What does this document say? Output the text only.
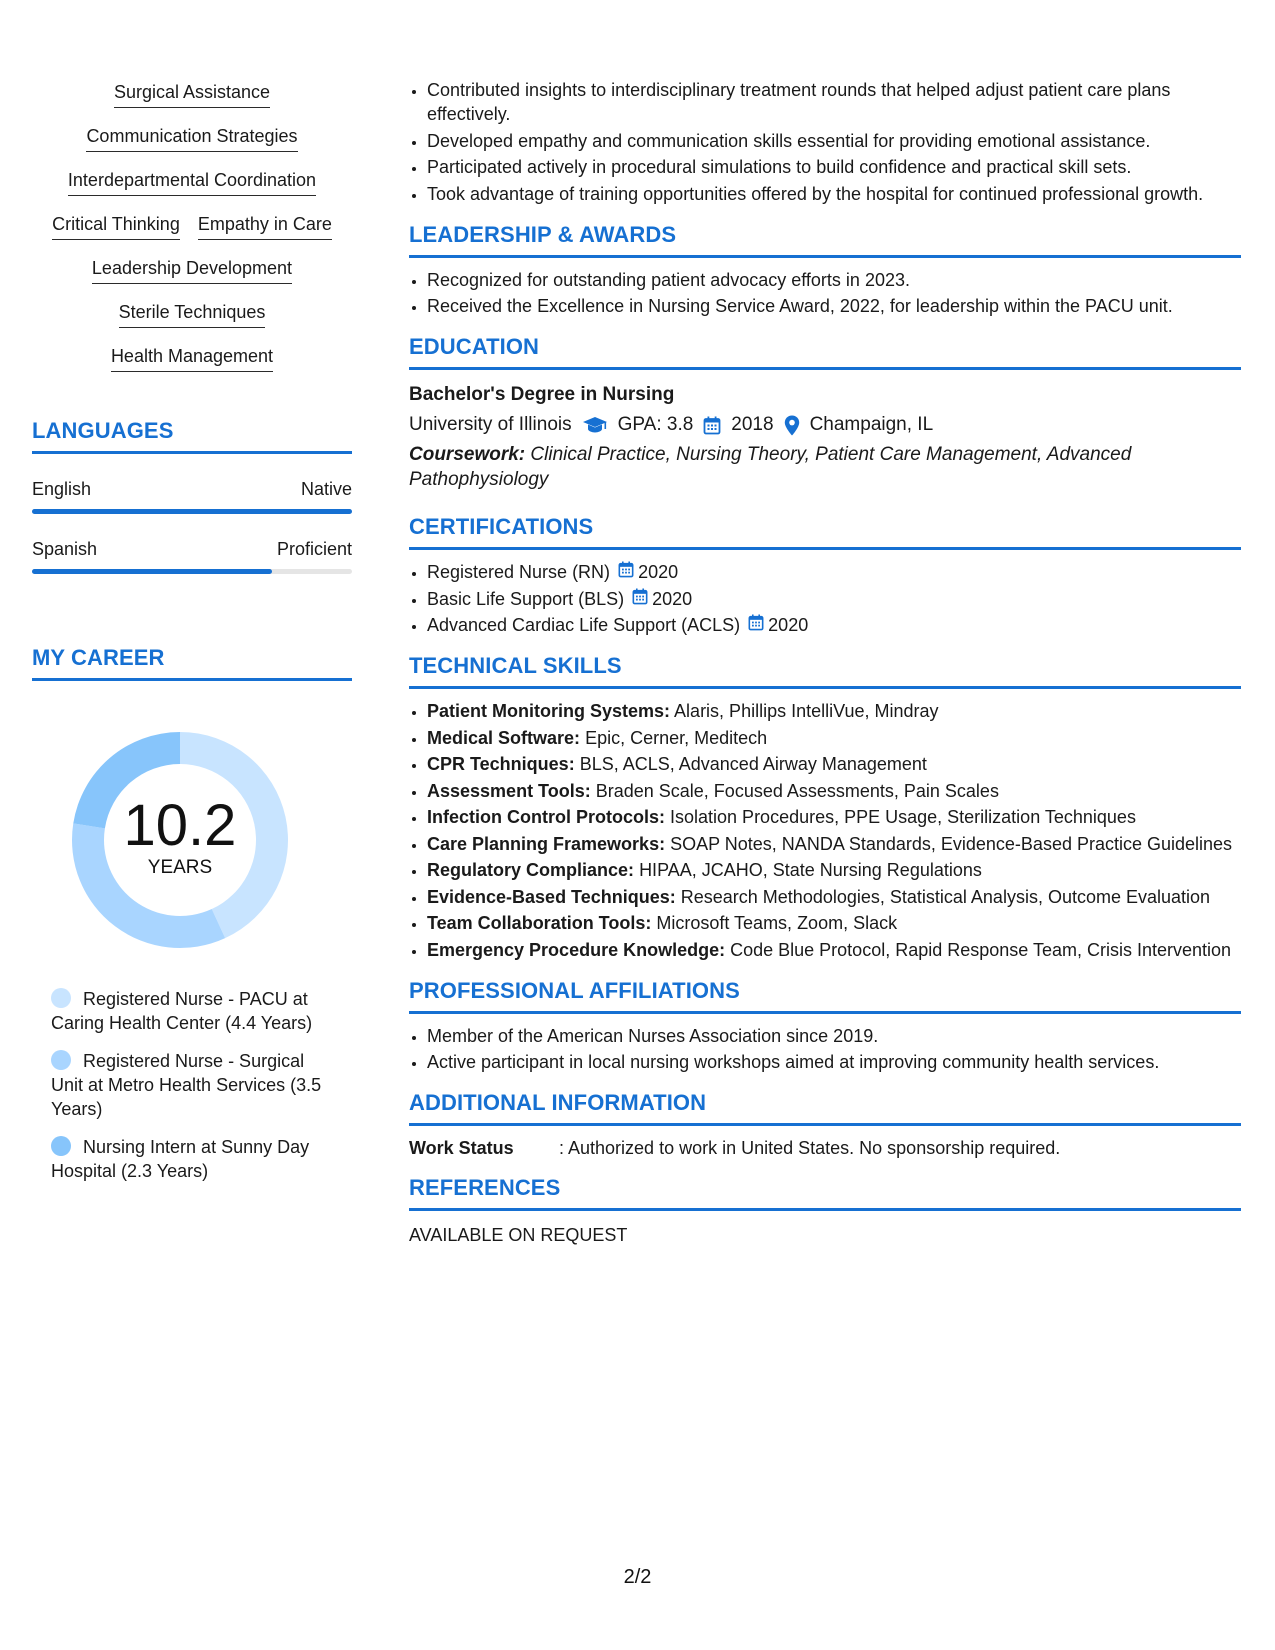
Surgical Assistance
Communication Strategies
Interdepartmental Coordination
Critical Thinking Empathy in Care
Leadership Development
Sterile Techniques
Health Management
LANGUAGES
English	Native
Spanish	Proficient
MY CAREER
10.2
YEARS
Registered Nurse - PACU at Caring Health Center (4.4 Years)
Registered Nurse - Surgical Unit at Metro Health Services (3.5 Years)
Nursing Intern at Sunny Day Hospital (2.3 Years)
• Contributed insights to interdisciplinary treatment rounds that helped adjust patient care plans effectively.
• Developed empathy and communication skills essential for providing emotional assistance.
• Participated actively in procedural simulations to build confidence and practical skill sets.
• Took advantage of training opportunities offered by the hospital for continued professional growth.
LEADERSHIP & AWARDS
• Recognized for outstanding patient advocacy efforts in 2023.
• Received the Excellence in Nursing Service Award, 2022, for leadership within the PACU unit.
EDUCATION
Bachelor's Degree in Nursing
University of Illinois GPA: 3.8 2018 Champaign, IL
Coursework: Clinical Practice, Nursing Theory, Patient Care Management, Advanced Pathophysiology
CERTIFICATIONS
• Registered Nurse (RN) 2020
• Basic Life Support (BLS) 2020
• Advanced Cardiac Life Support (ACLS) 2020
TECHNICAL SKILLS
• Patient Monitoring Systems: Alaris, Phillips IntelliVue, Mindray
• Medical Software: Epic, Cerner, Meditech
• CPR Techniques: BLS, ACLS, Advanced Airway Management
• Assessment Tools: Braden Scale, Focused Assessments, Pain Scales
• Infection Control Protocols: Isolation Procedures, PPE Usage, Sterilization Techniques
• Care Planning Frameworks: SOAP Notes, NANDA Standards, Evidence-Based Practice Guidelines
• Regulatory Compliance: HIPAA, JCAHO, State Nursing Regulations
• Evidence-Based Techniques: Research Methodologies, Statistical Analysis, Outcome Evaluation
• Team Collaboration Tools: Microsoft Teams, Zoom, Slack
• Emergency Procedure Knowledge: Code Blue Protocol, Rapid Response Team, Crisis Intervention
PROFESSIONAL AFFILIATIONS
• Member of the American Nurses Association since 2019.
• Active participant in local nursing workshops aimed at improving community health services.
ADDITIONAL INFORMATION
Work Status	: Authorized to work in United States. No sponsorship required.
REFERENCES
AVAILABLE ON REQUEST
2/2
